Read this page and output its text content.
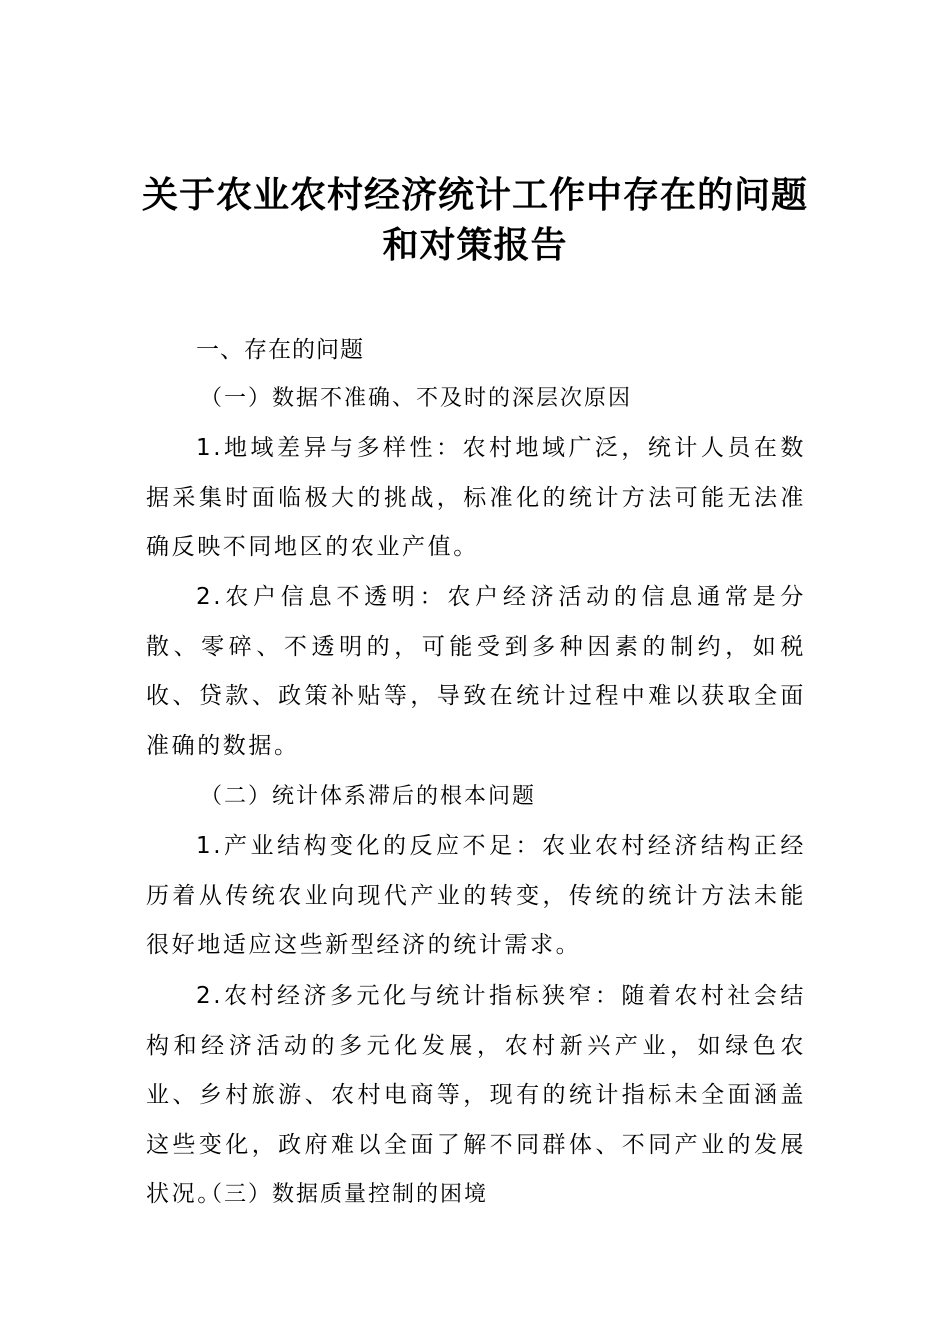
关于农业农村经济统计工作中存在的问题
和对策报告
一、存在的问题
（一）数据不准确、不及时的深层次原因

1.地域差异与多样性：农村地域广泛，统计人员在数据采集时面临极大的挑战，标准化的统计方法可能无法准确反映不同地区的农业产值。

2.农户信息不透明：农户经济活动的信息通常是分散、零碎、不透明的，可能受到多种因素的制约，如税收、贷款、政策补贴等，导致在统计过程中难以获取全面准确的数据。

（二）统计体系滞后的根本问题

1.产业结构变化的反应不足：农业农村经济结构正经历着从传统农业向现代产业的转变，传统的统计方法未能很好地适应这些新型经济的统计需求。

2.农村经济多元化与统计指标狭窄：随着农村社会结构和经济活动的多元化发展，农村新兴产业，如绿色农业、乡村旅游、农村电商等，现有的统计指标未全面涵盖这些变化，政府难以全面了解不同群体、不同产业的发展状况。

（三）数据质量控制的困境
